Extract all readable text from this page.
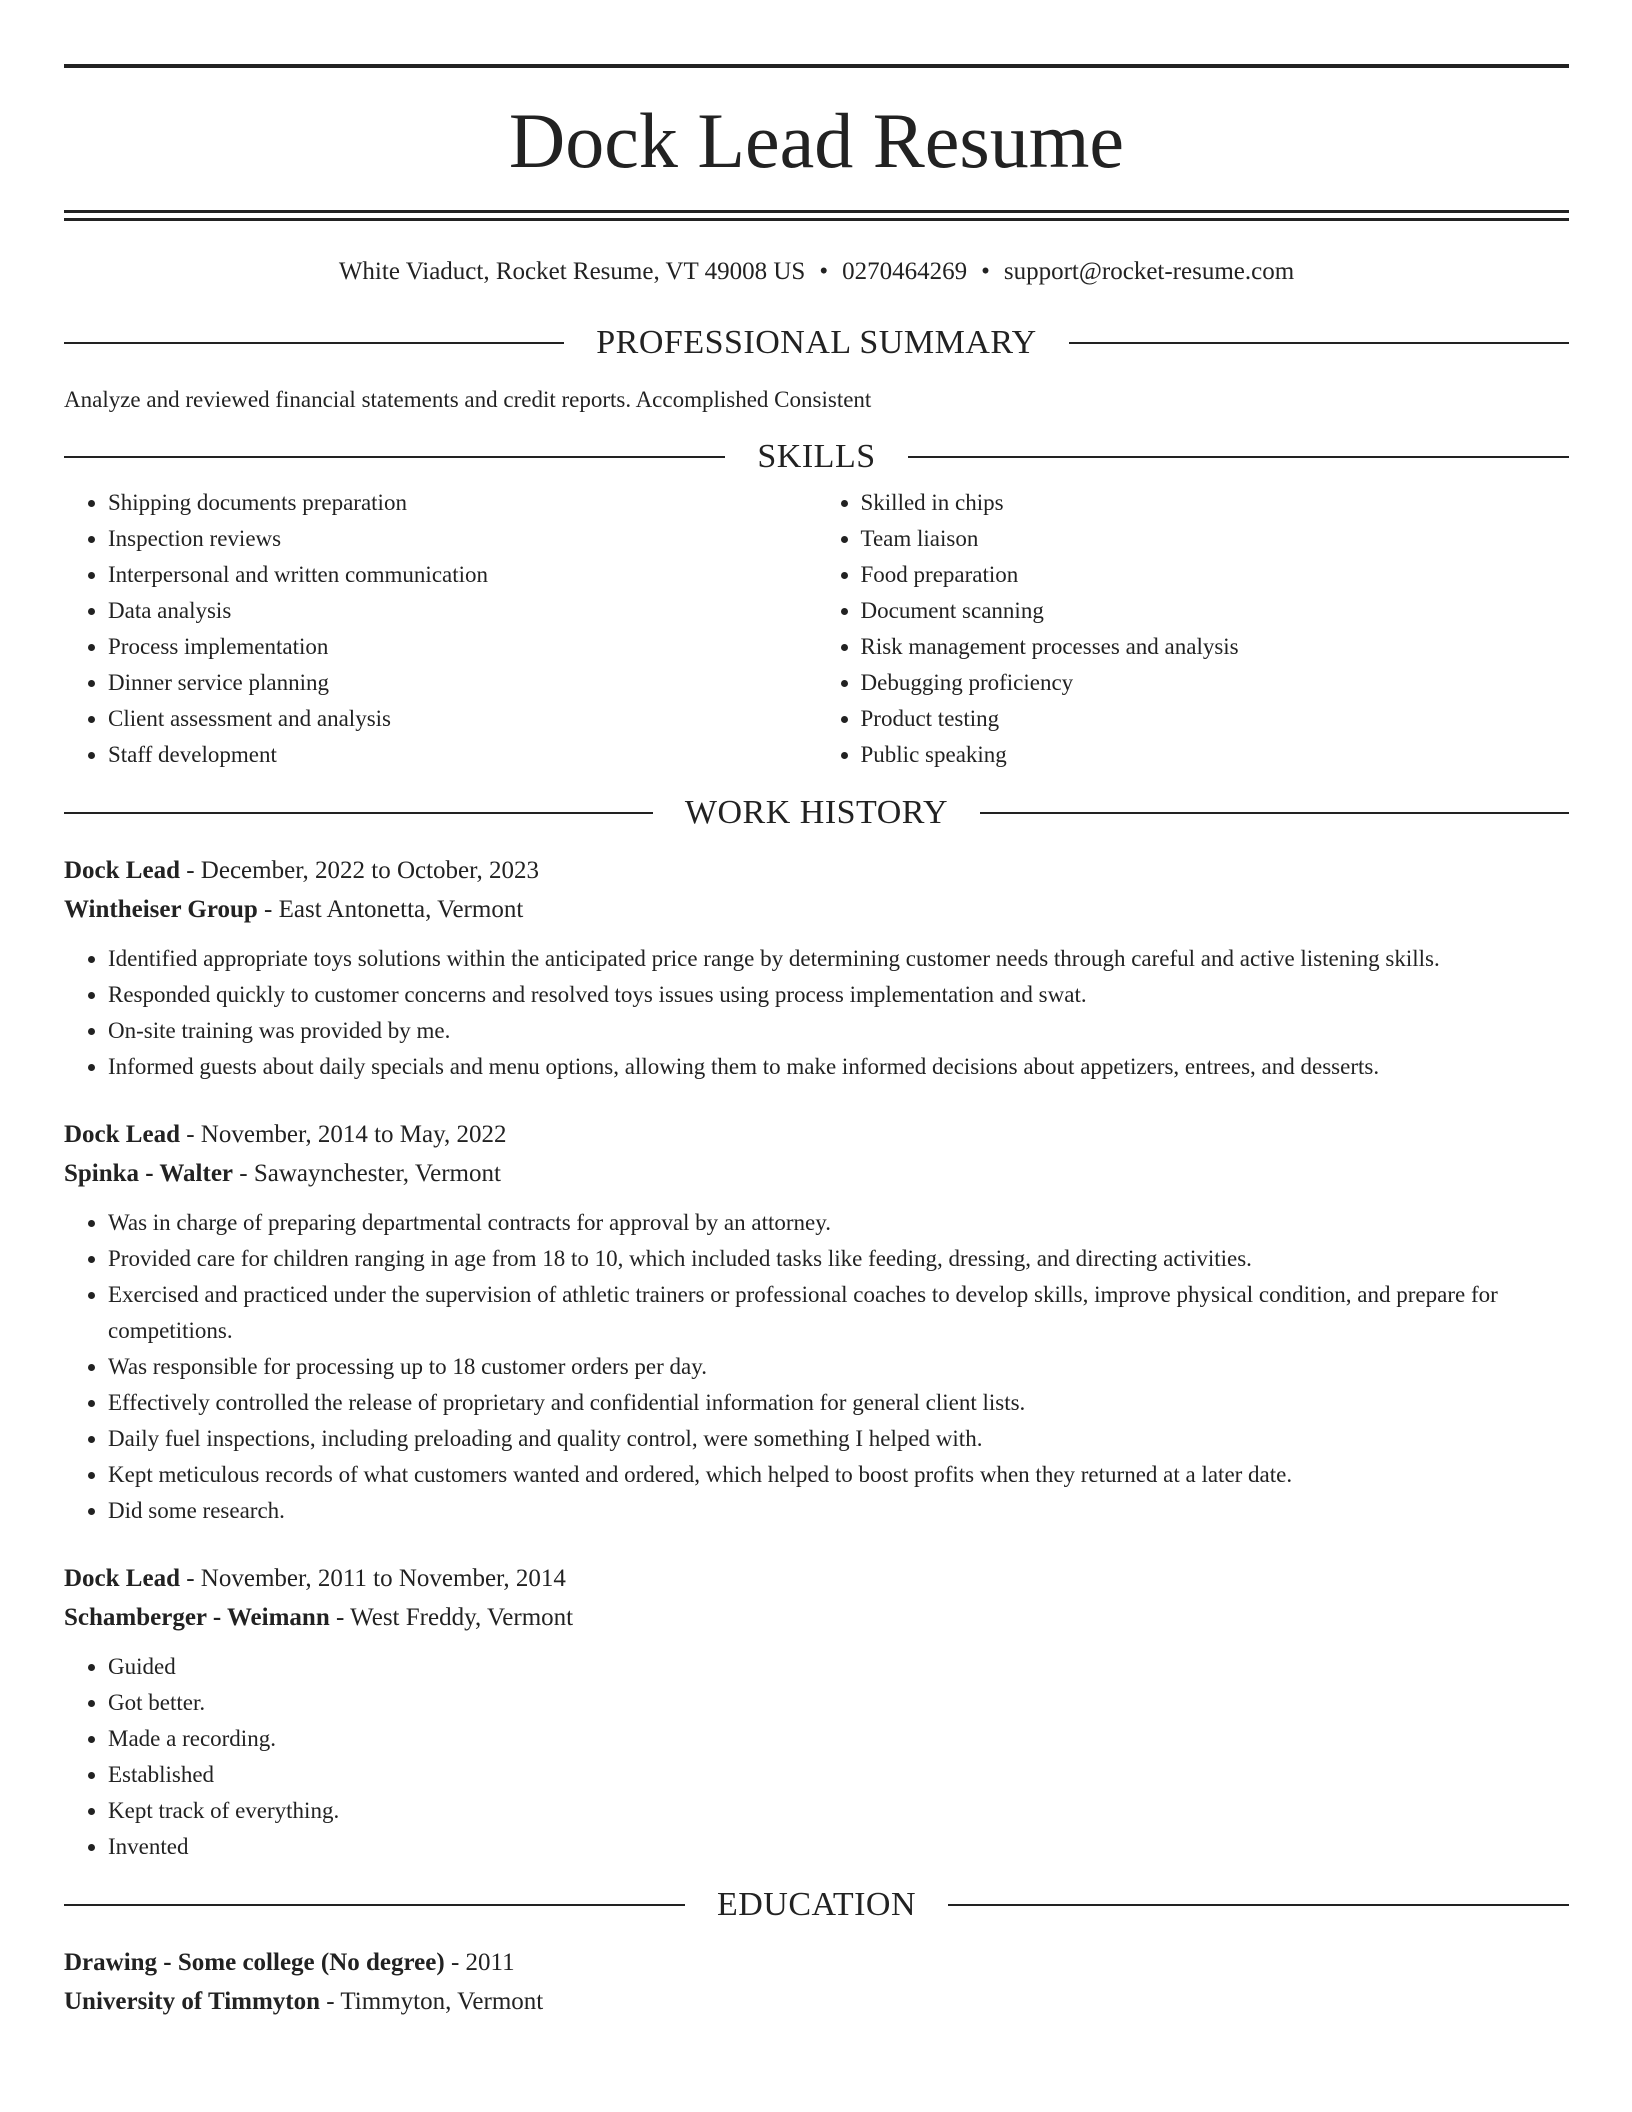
Dock Lead Resume
White Viaduct, Rocket Resume, VT 49008 US • 0270464269 • support@rocket-resume.com
PROFESSIONAL SUMMARY
Analyze and reviewed financial statements and credit reports. Accomplished Consistent
SKILLS
• Shipping documents preparation
• Inspection reviews
• Interpersonal and written communication
• Data analysis
• Process implementation
• Dinner service planning
• Client assessment and analysis
• Staff development
• Skilled in chips
• Team liaison
• Food preparation
• Document scanning
• Risk management processes and analysis
• Debugging proficiency
• Product testing
• Public speaking
WORK HISTORY
Dock Lead - December, 2022 to October, 2023
Wintheiser Group - East Antonetta, Vermont
• Identified appropriate toys solutions within the anticipated price range by determining customer needs through careful and active listening skills.
• Responded quickly to customer concerns and resolved toys issues using process implementation and swat.
• On-site training was provided by me.
• Informed guests about daily specials and menu options, allowing them to make informed decisions about appetizers, entrees, and desserts.
Dock Lead - November, 2014 to May, 2022
Spinka - Walter - Sawaynchester, Vermont
• Was in charge of preparing departmental contracts for approval by an attorney.
• Provided care for children ranging in age from 18 to 10, which included tasks like feeding, dressing, and directing activities.
• Exercised and practiced under the supervision of athletic trainers or professional coaches to develop skills, improve physical condition, and prepare for competitions.
• Was responsible for processing up to 18 customer orders per day.
• Effectively controlled the release of proprietary and confidential information for general client lists.
• Daily fuel inspections, including preloading and quality control, were something I helped with.
• Kept meticulous records of what customers wanted and ordered, which helped to boost profits when they returned at a later date.
• Did some research.
Dock Lead - November, 2011 to November, 2014
Schamberger - Weimann - West Freddy, Vermont
• Guided
• Got better.
• Made a recording.
• Established
• Kept track of everything.
• Invented
EDUCATION
Drawing - Some college (No degree) - 2011
University of Timmyton - Timmyton, Vermont
